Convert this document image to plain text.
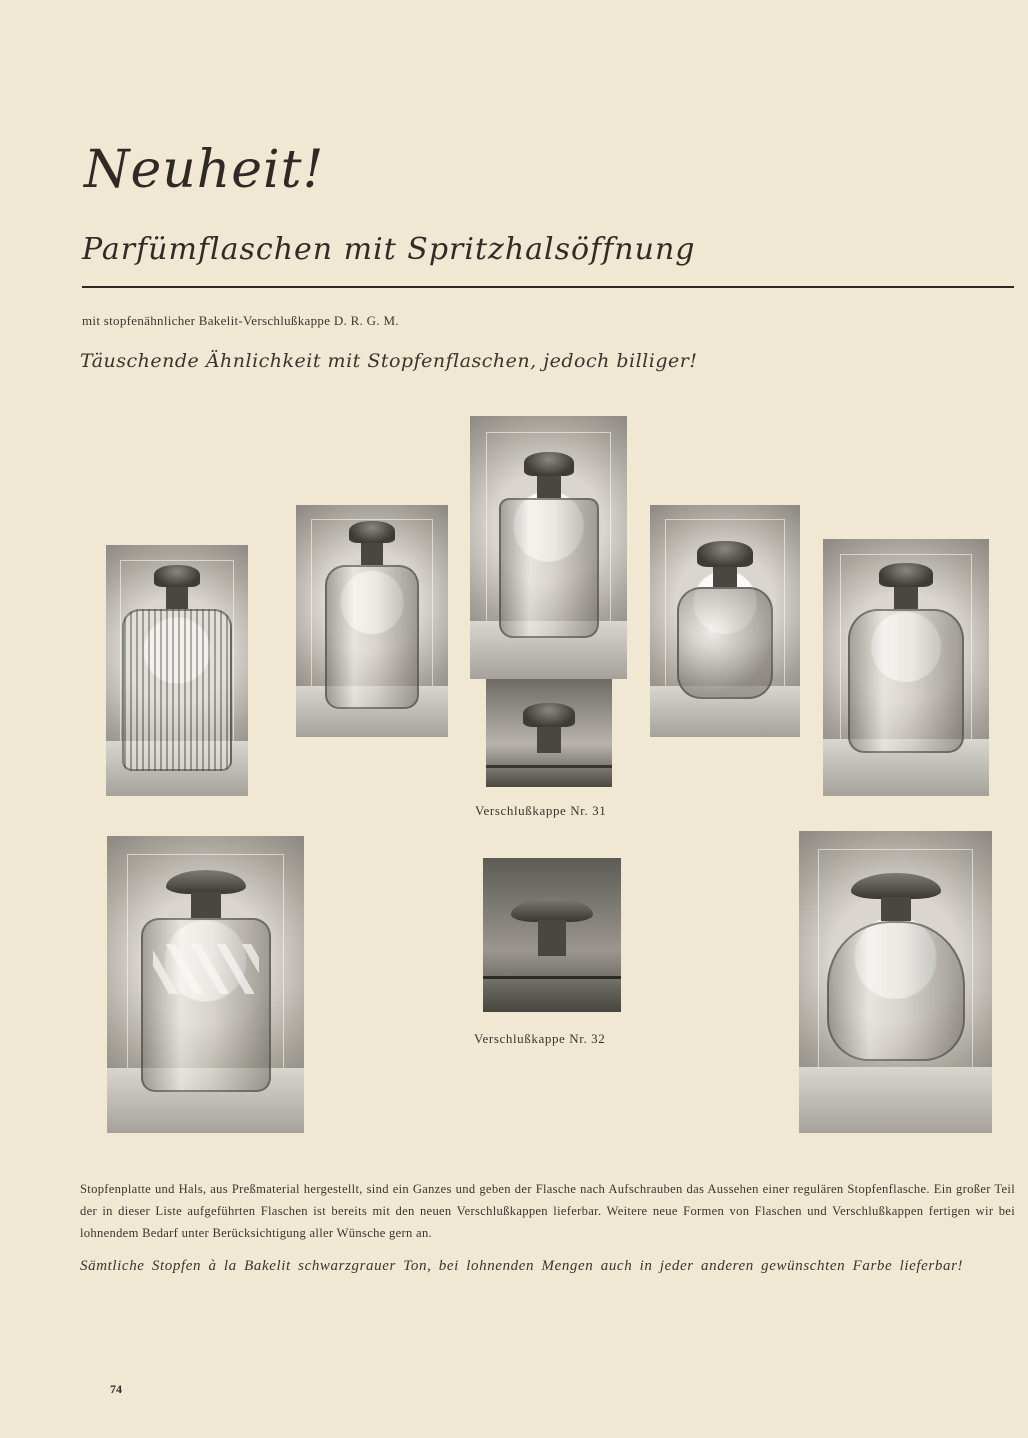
Neuheit!
Parfümflaschen mit Spritzhalsöffnung
mit stopfenähnlicher Bakelit-Verschlußkappe D. R. G. M.
Täuschende Ähnlichkeit mit Stopfenflaschen, jedoch billiger!
Verschlußkappe Nr. 31
Verschlußkappe Nr. 32
Stopfenplatte und Hals, aus Preßmaterial hergestellt, sind ein Ganzes und geben der Flasche nach Aufschrauben das Aussehen einer regulären Stopfenflasche. Ein großer Teil der in dieser Liste aufgeführten Flaschen ist bereits mit den neuen Verschlußkappen lieferbar. Weitere neue Formen von Flaschen und Verschlußkappen fertigen wir bei lohnendem Bedarf unter Berücksichtigung aller Wünsche gern an.
Sämtliche Stopfen à la Bakelit schwarzgrauer Ton, bei lohnenden Mengen auch in jeder anderen gewünschten Farbe lieferbar!
74
